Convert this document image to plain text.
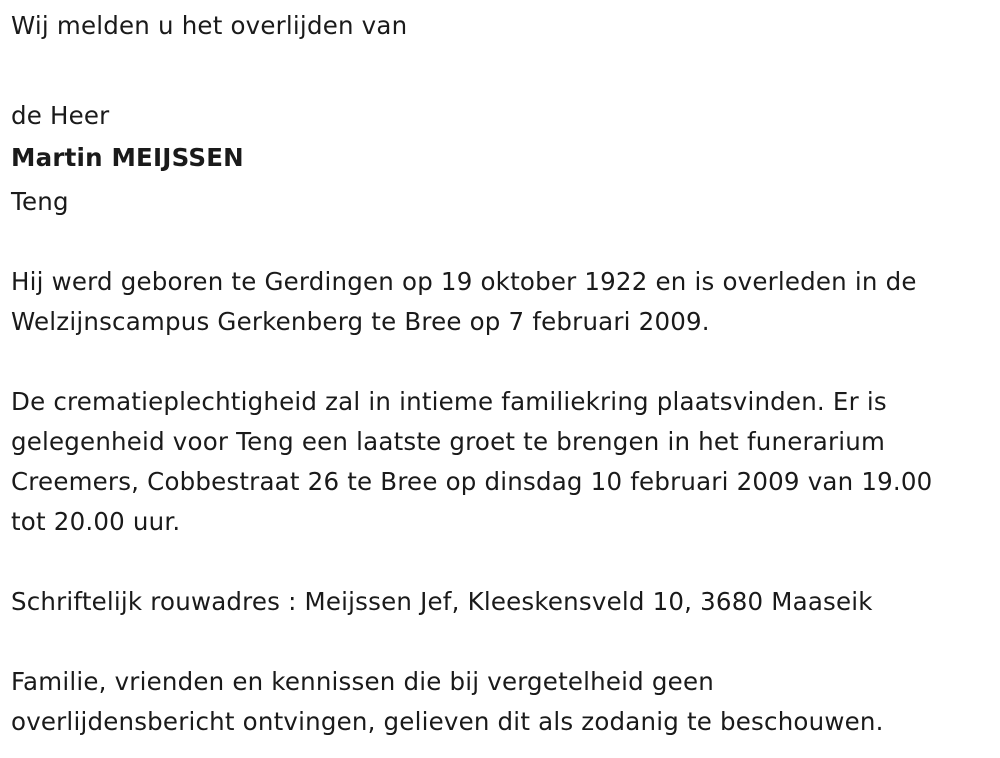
Wij melden u het overlijden van
de Heer
Martin MEIJSSEN
Teng
Hij werd geboren te Gerdingen op 19 oktober 1922 en is overleden in de
Welzijnscampus Gerkenberg te Bree op 7 februari 2009.
De crematieplechtigheid zal in intieme familiekring plaatsvinden. Er is
gelegenheid voor Teng een laatste groet te brengen in het funerarium
Creemers, Cobbestraat 26 te Bree op dinsdag 10 februari 2009 van 19.00
tot 20.00 uur.
Schriftelijk rouwadres : Meijssen Jef, Kleeskensveld 10, 3680 Maaseik
Familie, vrienden en kennissen die bij vergetelheid geen
overlijdensbericht ontvingen, gelieven dit als zodanig te beschouwen.
